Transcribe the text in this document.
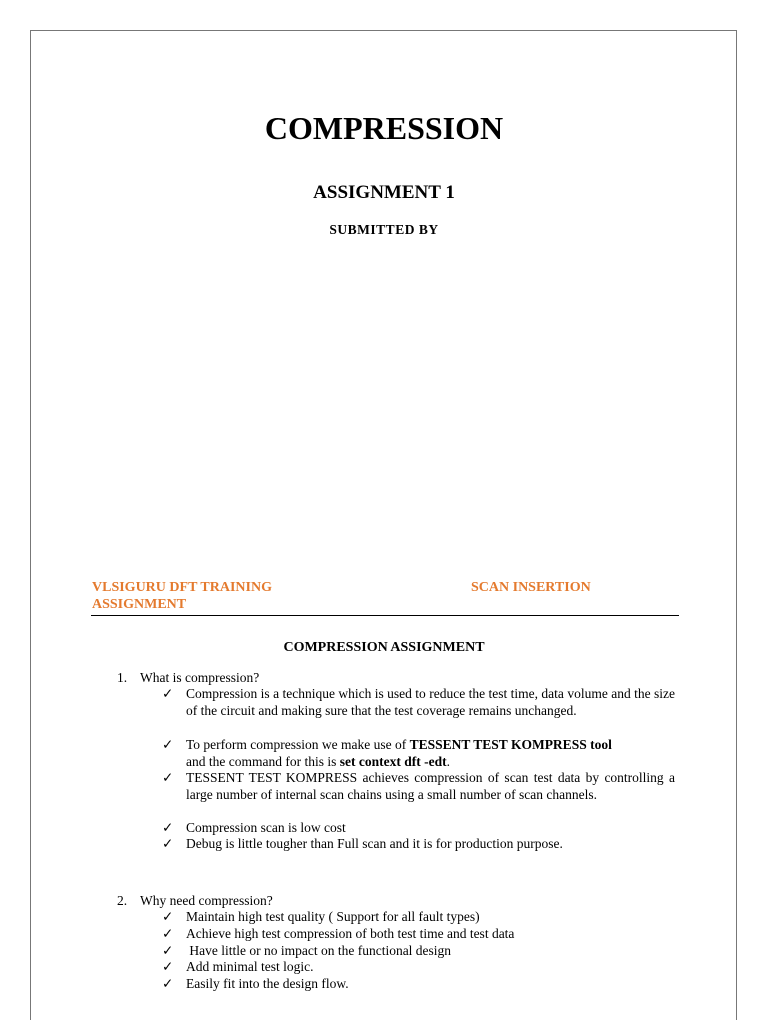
COMPRESSION
ASSIGNMENT 1
SUBMITTED BY
VLSIGURU DFT TRAINING
ASSIGNMENT
SCAN INSERTION
COMPRESSION ASSIGNMENT
1. What is compression?
✓ Compression is a technique which is used to reduce the test time, data volume and the size of the circuit and making sure that the test coverage remains unchanged.
✓ To perform compression we make use of TESSENT TEST KOMPRESS tool
and the command for this is set context dft -edt.
✓ TESSENT TEST KOMPRESS achieves compression of scan test data by controlling a large number of internal scan chains using a small number of scan channels.
✓ Compression scan is low cost
✓ Debug is little tougher than Full scan and it is for production purpose.
2. Why need compression?
✓ Maintain high test quality ( Support for all fault types)
✓ Achieve high test compression of both test time and test data
✓ Have little or no impact on the functional design
✓ Add minimal test logic.
✓ Easily fit into the design flow.
